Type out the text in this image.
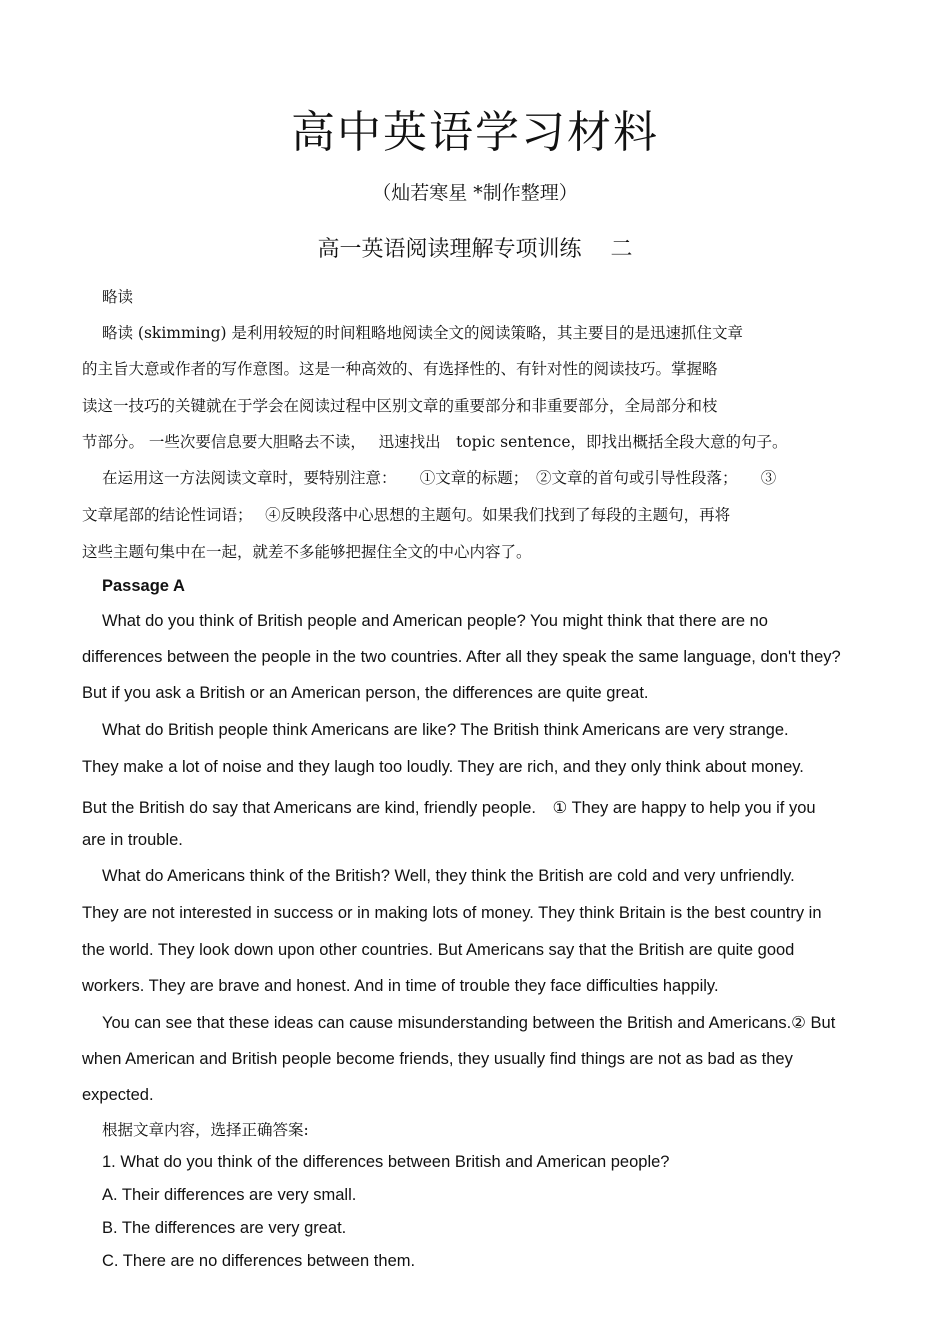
高中英语学习材料
（灿若寒星 *制作整理）
高一英语阅读理解专项训练　 二
略读
略读 (skimming) 是利用较短的时间粗略地阅读全文的阅读策略，其主要目的是迅速抓住文章
的主旨大意或作者的写作意图。这是一种高效的、有选择性的、有针对性的阅读技巧。掌握略
读这一技巧的关键就在于学会在阅读过程中区别文章的重要部分和非重要部分，全局部分和枝
节部分。 一些次要信息要大胆略去不读，　 迅速找出　topic sentence，即找出概括全段大意的句子。
在运用这一方法阅读文章时，要特别注意：　　①文章的标题；　②文章的首句或引导性段落；　　③
文章尾部的结论性词语；　 ④反映段落中心思想的主题句。如果我们找到了每段的主题句，再将
这些主题句集中在一起，就差不多能够把握住全文的中心内容了。
Passage A
What do you think of British people and American people? You might think that there are no
differences between the people in the two countries. After all they speak the same language, don't they?
But if you ask a British or an American person, the differences are quite great.
What do British people think Americans are like? The British think Americans are very strange.
They make a lot of noise and they laugh too loudly. They are rich, and they only think about money.
But the British do say that Americans are kind, friendly people.　① They are happy to help you if you
are in trouble.
What do Americans think of the British? Well, they think the British are cold and very unfriendly.
They are not interested in success or in making lots of money. They think Britain is the best country in
the world. They look down upon other countries. But Americans say that the British are quite good
workers. They are brave and honest. And in time of trouble they face difficulties happily.
You can see that these ideas can cause misunderstanding between the British and Americans.② But
when American and British people become friends, they usually find things are not as bad as they
expected.
根据文章内容，选择正确答案:
1. What do you think of the differences between British and American people?
A. Their differences are very small.
B. The differences are very great.
C. There are no differences between them.
